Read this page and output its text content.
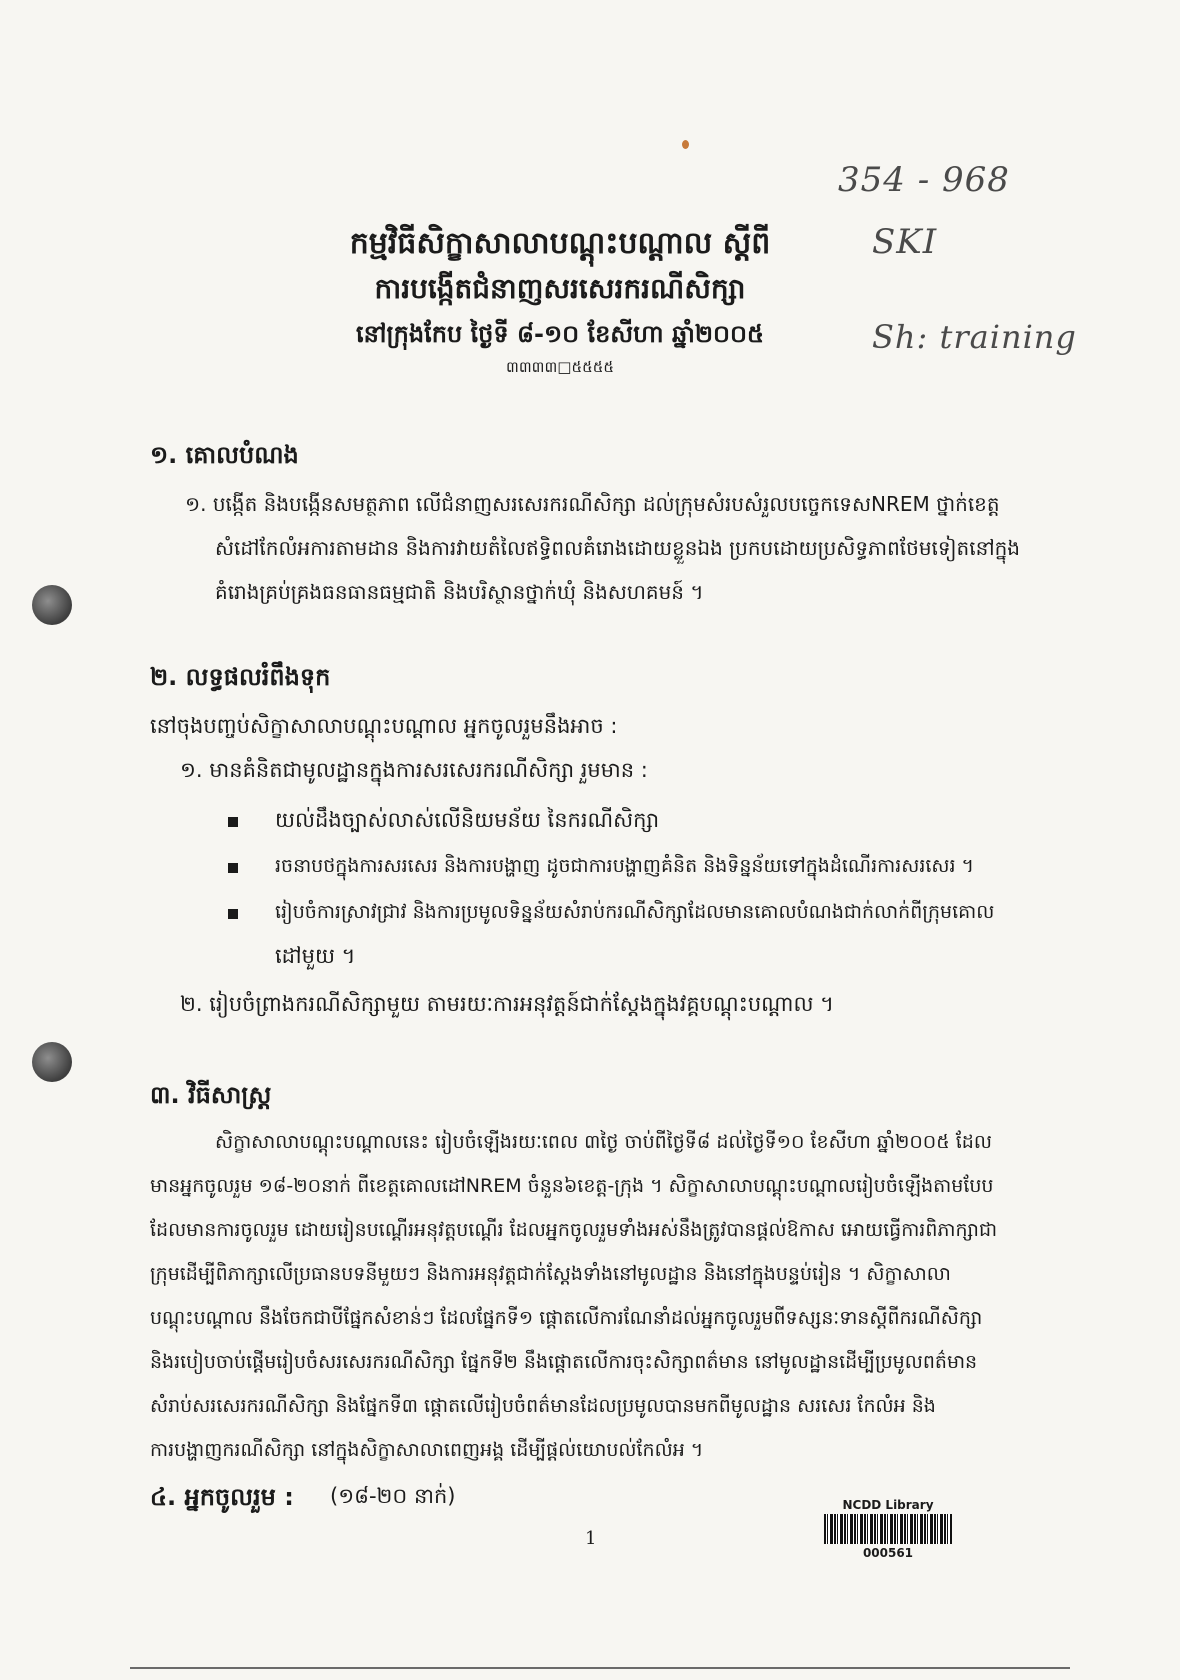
354 - 968
SKI
Sh: training

កម្មវិធីសិក្ខាសាលាបណ្តុះបណ្តាល ស្តីពី

ការបង្កើតជំនាញសរសេរករណីសិក្សា

នៅក្រុងកែប ថ្ងៃទី ៨-១០ ខែសីហា ឆ្នាំ២០០៥

៣៣៣៣□៥៥៥៥

១. គោលបំណង

១. បង្កើត និងបង្កើនសមត្ថភាព លើជំនាញសរសេរករណីសិក្សា ដល់ក្រុមសំរបសំរួលបច្ចេកទេសNREM ថ្នាក់ខេត្ត

សំដៅកែលំអការតាមដាន និងការវាយតំលៃឥទ្ធិពលគំរោងដោយខ្លួនឯង ប្រកបដោយប្រសិទ្ធភាពថែមទៀតនៅក្នុង

គំរោងគ្រប់គ្រងធនធានធម្មជាតិ និងបរិស្ថានថ្នាក់ឃុំ និងសហគមន៍ ។

២. លទ្ធផលរំពឹងទុក

នៅចុងបញ្ចប់សិក្ខាសាលាបណ្តុះបណ្តាល អ្នកចូលរួមនឹងអាច :

១. មានគំនិតជាមូលដ្ឋានក្នុងការសរសេរករណីសិក្សា រួមមាន :

យល់ដឹងច្បាស់លាស់លើនិយមន័យ នៃករណីសិក្សា

រចនាបថក្នុងការសរសេរ និងការបង្ហាញ ដូចជាការបង្ហាញគំនិត និងទិន្នន័យទៅក្នុងដំណើរការសរសេរ ។

រៀបចំការស្រាវជ្រាវ និងការប្រមូលទិន្នន័យសំរាប់ករណីសិក្សាដែលមានគោលបំណងជាក់លាក់ពីក្រុមគោល

ដៅមួយ ។

២. រៀបចំព្រាងករណីសិក្សាមួយ តាមរយៈការអនុវត្តន៍ជាក់ស្តែងក្នុងវគ្គបណ្តុះបណ្តាល ។

៣. វិធីសាស្ត្រ

សិក្ខាសាលាបណ្តុះបណ្តាលនេះ រៀបចំឡើងរយៈពេល ៣ថ្ងៃ ចាប់ពីថ្ងៃទី៨ ដល់ថ្ងៃទី១០ ខែសីហា ឆ្នាំ២០០៥ ដែល

មានអ្នកចូលរួម ១៨-២០នាក់ ពីខេត្តគោលដៅNREM ចំនួន៦ខេត្ត-ក្រុង ។ សិក្ខាសាលាបណ្តុះបណ្តាលរៀបចំឡើងតាមបែប

ដែលមានការចូលរួម ដោយរៀនបណ្តើរអនុវត្តបណ្តើរ ដែលអ្នកចូលរួមទាំងអស់នឹងត្រូវបានផ្តល់ឱកាស អោយធ្វើការពិភាក្សាជា

ក្រុមដើម្បីពិភាក្សាលើប្រធានបទនីមួយៗ និងការអនុវត្តជាក់ស្តែងទាំងនៅមូលដ្ឋាន និងនៅក្នុងបន្ទប់រៀន ។ សិក្ខាសាលា

បណ្តុះបណ្តាល នឹងចែកជាបីផ្នែកសំខាន់ៗ ដែលផ្នែកទី១ ផ្តោតលើការណែនាំដល់អ្នកចូលរួមពីទស្សនៈទានស្តីពីករណីសិក្សា

និងរបៀបចាប់ផ្តើមរៀបចំសរសេរករណីសិក្សា ផ្នែកទី២ នឹងផ្តោតលើការចុះសិក្សាពត៌មាន នៅមូលដ្ឋានដើម្បីប្រមូលពត៌មាន

សំរាប់សរសេរករណីសិក្សា និងផ្នែកទី៣ ផ្តោតលើរៀបចំពត៌មានដែលប្រមូលបានមកពីមូលដ្ឋាន សរសេរ កែលំអ និង

ការបង្ហាញករណីសិក្សា នៅក្នុងសិក្ខាសាលាពេញអង្គ ដើម្បីផ្តល់យោបល់កែលំអ ។

៤. អ្នកចូលរួម : (១៨-២០ នាក់)

1

NCDD Library

000561
